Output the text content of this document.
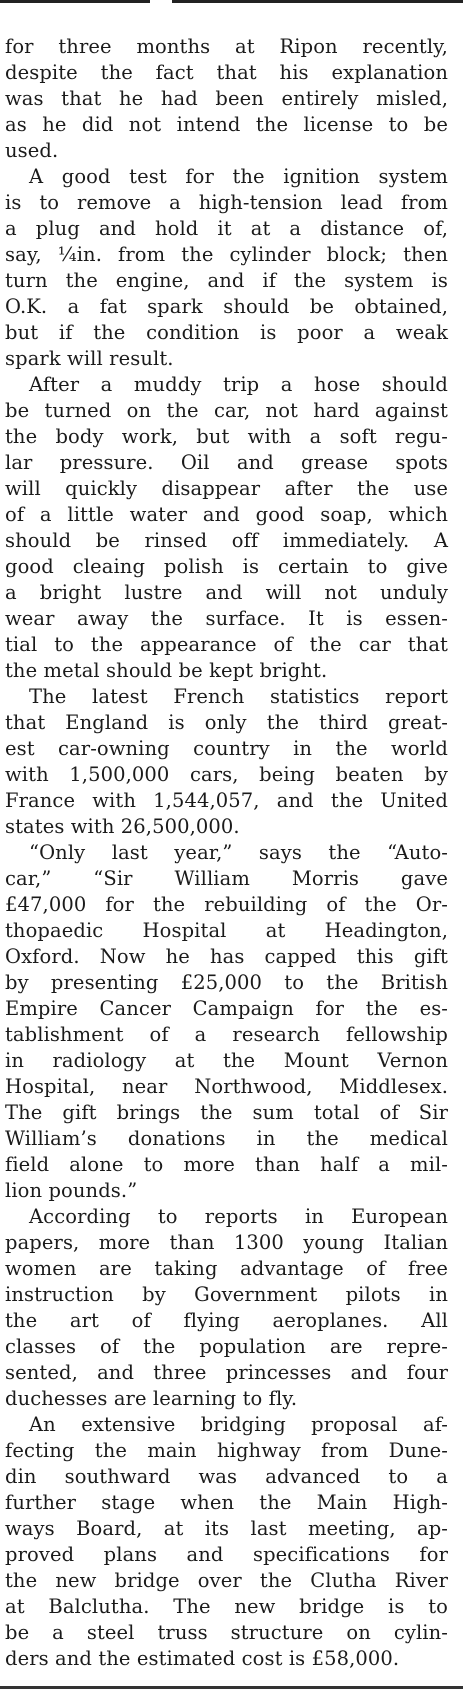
for three months at Ripon recently,
despite the fact that his explanation
was that he had been entirely misled,
as he did not intend the license to be
used.
A good test for the ignition system
is to remove a high-tension lead from
a plug and hold it at a distance of,
say, ¼in. from the cylinder block; then
turn the engine, and if the system is
O.K. a fat spark should be obtained,
but if the condition is poor a weak
spark will result.
After a muddy trip a hose should
be turned on the car, not hard against
the body work, but with a soft regu-
lar pressure. Oil and grease spots
will quickly disappear after the use
of a little water and good soap, which
should be rinsed off immediately. A
good cleaing polish is certain to give
a bright lustre and will not unduly
wear away the surface. It is essen-
tial to the appearance of the car that
the metal should be kept bright.
The latest French statistics report
that England is only the third great-
est car-owning country in the world
with 1,500,000 cars, being beaten by
France with 1,544,057, and the United
states with 26,500,000.
“Only last year,” says the “Auto-
car,” “Sir William Morris gave
£47,000 for the rebuilding of the Or-
thopaedic Hospital at Headington,
Oxford. Now he has capped this gift
by presenting £25,000 to the British
Empire Cancer Campaign for the es-
tablishment of a research fellowship
in radiology at the Mount Vernon
Hospital, near Northwood, Middlesex.
The gift brings the sum total of Sir
William’s donations in the medical
field alone to more than half a mil-
lion pounds.”
According to reports in European
papers, more than 1300 young Italian
women are taking advantage of free
instruction by Government pilots in
the art of flying aeroplanes. All
classes of the population are repre-
sented, and three princesses and four
duchesses are learning to fly.
An extensive bridging proposal af-
fecting the main highway from Dune-
din southward was advanced to a
further stage when the Main High-
ways Board, at its last meeting, ap-
proved plans and specifications for
the new bridge over the Clutha River
at Balclutha. The new bridge is to
be a steel truss structure on cylin-
ders and the estimated cost is £58,000.
